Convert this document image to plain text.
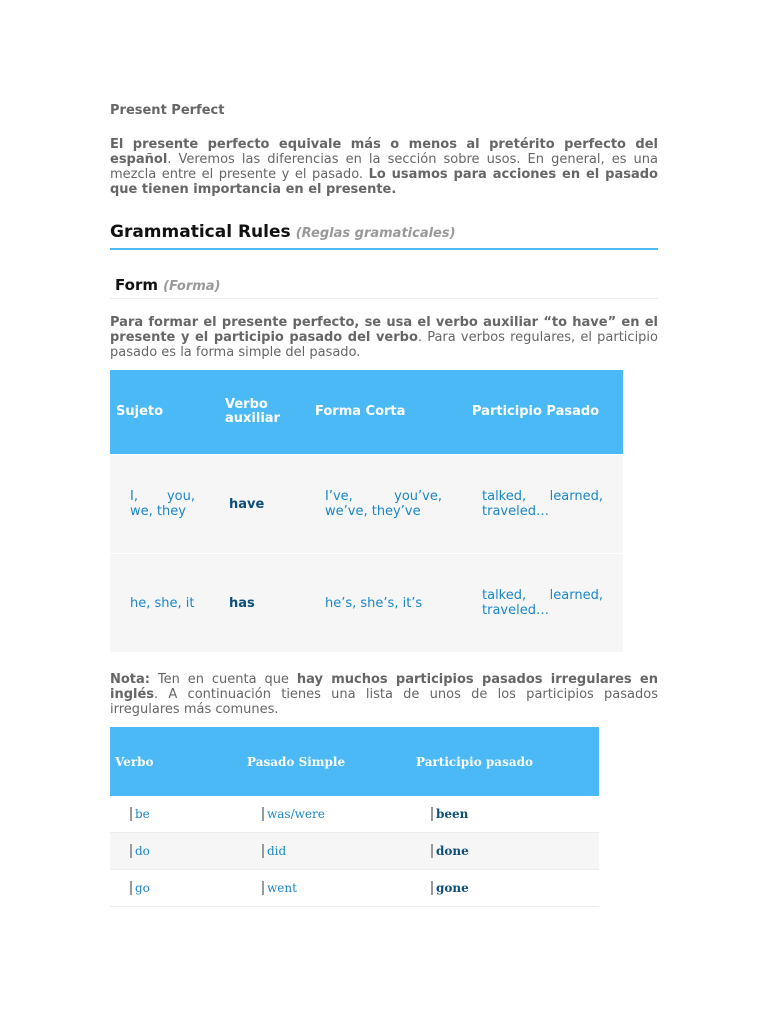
Present Perfect

El presente perfecto equivale más o menos al pretérito perfecto del español. Veremos las diferencias en la sección sobre usos. En general, es una mezcla entre el presente y el pasado. Lo usamos para acciones en el pasado que tienen importancia en el presente.

Grammatical Rules (Reglas gramaticales)
Form (Forma)

Para formar el presente perfecto, se usa el verbo auxiliar “to have” en el presente y el participio pasado del verbo. Para verbos regulares, el participio pasado es la forma simple del pasado.

Sujeto	Verbo auxiliar	Forma Corta	Participio Pasado
I, you, we, they	have	I’ve, you’ve, we’ve, they’ve	talked, learned, traveled…
he, she, it	has	he’s, she’s, it’s	talked, learned, traveled…

Nota: Ten en cuenta que hay muchos participios pasados irregulares en inglés. A continuación tienes una lista de unos de los participios pasados irregulares más comunes.

Verbo	Pasado Simple	Participio pasado
be	was/were	been
do	did	done
go	went	gone
